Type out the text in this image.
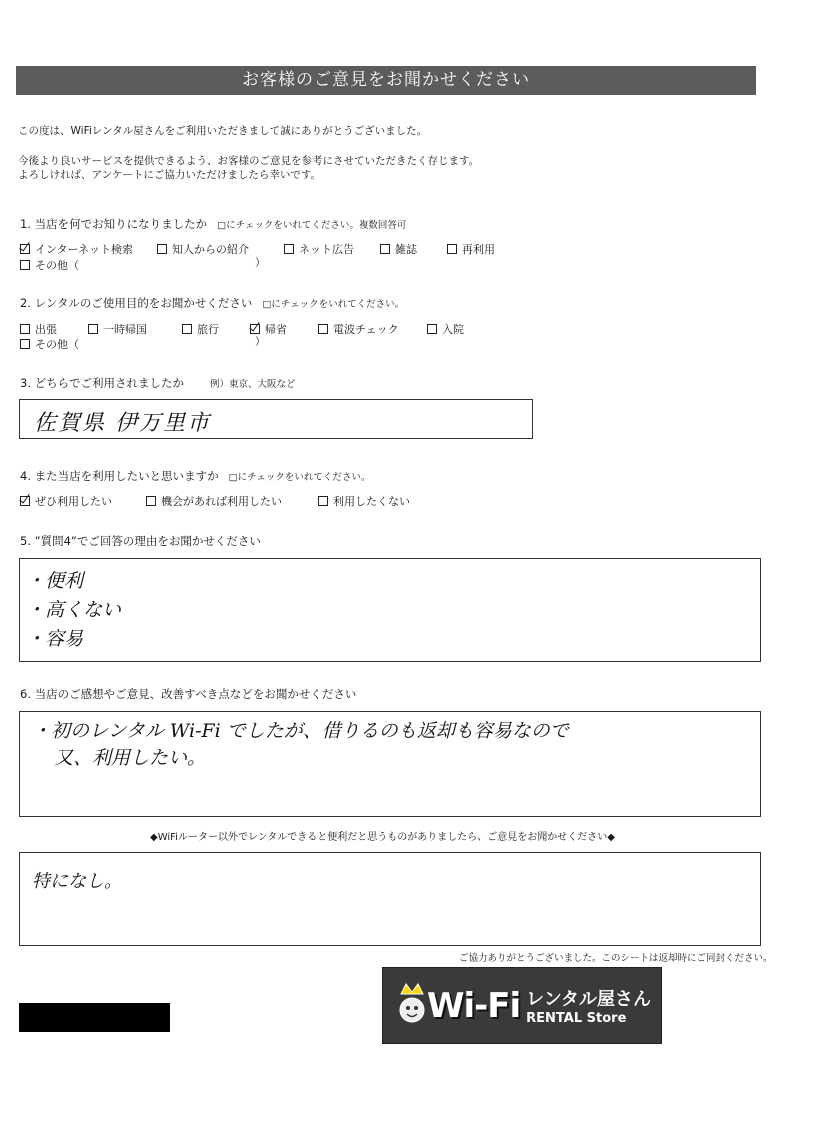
お客様のご意見をお聞かせください
この度は、WiFiレンタル屋さんをご利用いただきまして誠にありがとうございました。
今後より良いサービスを提供できるよう、お客様のご意見を参考にさせていただきたく存じます。
よろしければ、アンケートにご協力いただけましたら幸いです。
1. 当店を何でお知りになりましたか □にチェックをいれてください。複数回答可
インターネット検索	知人からの紹介	ネット広告	雑誌	再利用
その他（	）
2. レンタルのご使用目的をお聞かせください □にチェックをいれてください。
出張	一時帰国	旅行	帰省	電波チェック	入院
その他（	）
3. どちらでご利用されましたか	例）東京、大阪など
佐賀県 伊万里市
4. また当店を利用したいと思いますか □にチェックをいれてください。
ぜひ利用したい	機会があれば利用したい	利用したくない
5. ”質問4”でご回答の理由をお聞かせください
・便利
・高くない
・容易
6. 当店のご感想やご意見、改善すべき点などをお聞かせください
・初のレンタル Wi-Fi でしたが、借りるのも返却も容易なので
又、利用したい。
◆WiFiルーター以外でレンタルできると便利だと思うものがありましたら、ご意見をお聞かせください◆
特になし。
ご協力ありがとうございました。このシートは返却時にご同封ください。
Wi-Fi レンタル屋さん
RENTAL Store
